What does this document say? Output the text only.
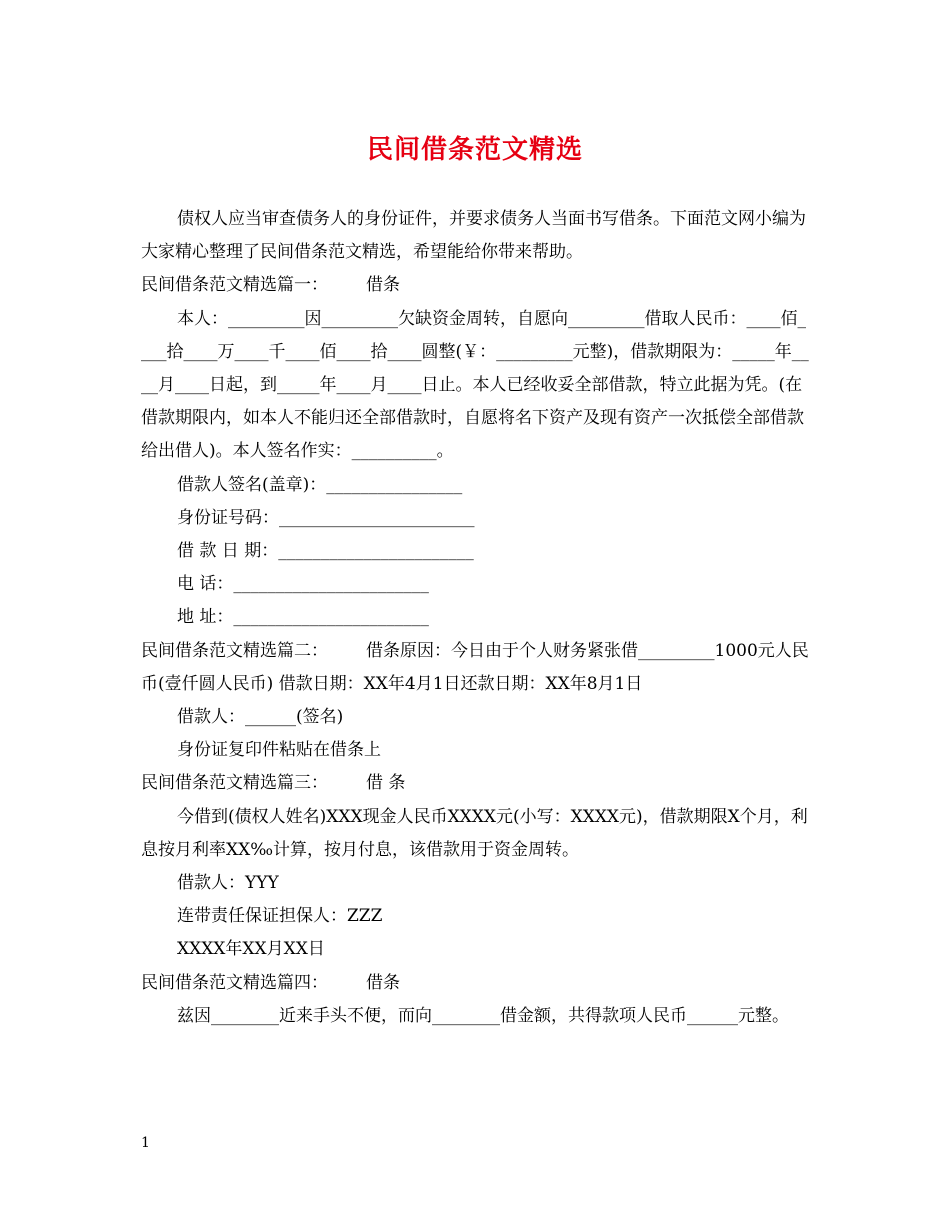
民间借条范文精选

债权人应当审查债务人的身份证件，并要求债务人当面书写借条。下面范文网小编为大家精心整理了民间借条范文精选，希望能给你带来帮助。

民间借条范文精选篇一： 借条

本人：_________因_________欠缺资金周转，自愿向_________借取人民币：____佰____拾____万____千____佰____拾____圆整(￥：_________元整)，借款期限为：_____年____月____日起，到_____年____月____日止。本人已经收妥全部借款，特立此据为凭。(在借款期限内，如本人不能归还全部借款时，自愿将名下资产及现有资产一次抵偿全部借款给出借人)。本人签名作实：__________。

借款人签名(盖章)：________________

身份证号码：_______________________

借 款 日 期：_______________________

电 话：_______________________

地 址：_______________________

民间借条范文精选篇二： 借条原因：今日由于个人财务紧张借_________1000元人民币(壹仟圆人民币) 借款日期：XX年4月1日还款日期：XX年8月1日

借款人：______(签名)

身份证复印件粘贴在借条上

民间借条范文精选篇三： 借 条

今借到(债权人姓名)XXX现金人民币XXXX元(小写：XXXX元)，借款期限X个月，利息按月利率XX‰计算，按月付息，该借款用于资金周转。

借款人：YYY

连带责任保证担保人：ZZZ

XXXX年XX月XX日

民间借条范文精选篇四： 借条

兹因________近来手头不便，而向________借金额，共得款项人民币______元整。

1
